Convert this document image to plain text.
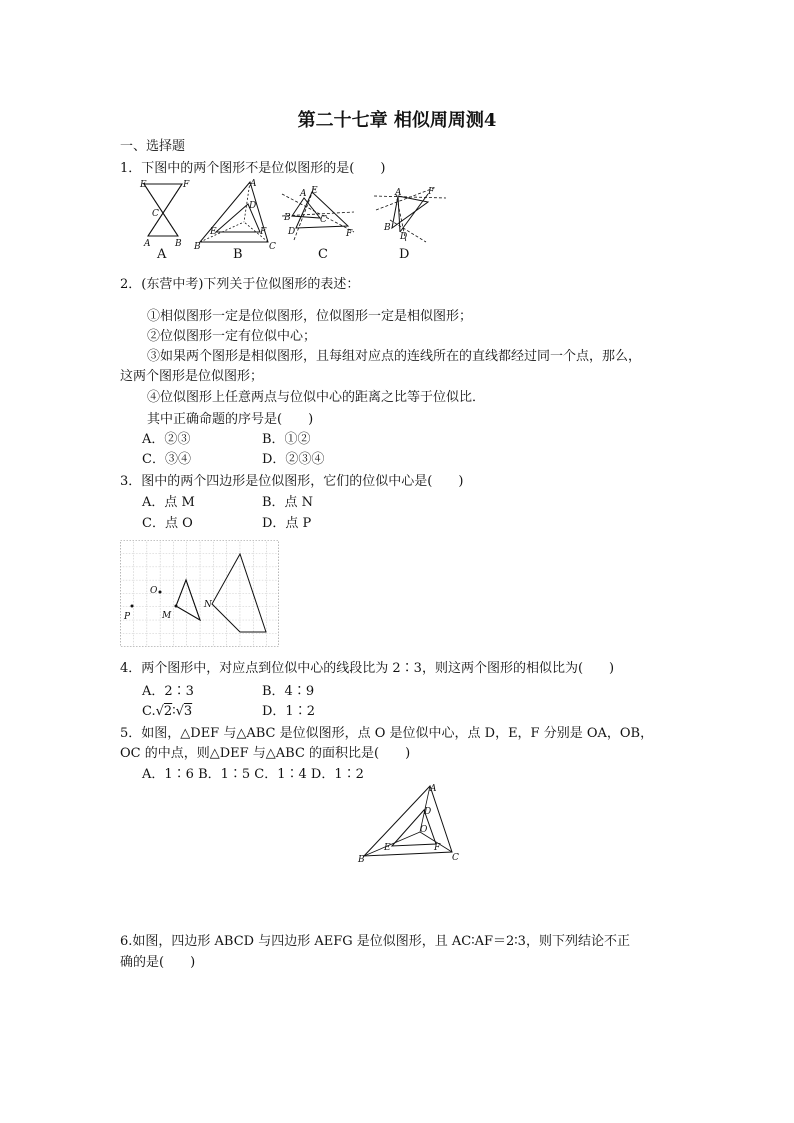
第二十七章 相似周周测4
一、选择题
1．下图中的两个图形不是位似图形的是(　　)
E	F
C
A	B
A
A
D
E	F
B	C
B
A E
B	C
D	F
C
A	F
B
D
D
2．(东营中考)下列关于位似图形的表述：
①相似图形一定是位似图形，位似图形一定是相似图形；
②位似图形一定有位似中心；
③如果两个图形是相似图形，且每组对应点的连线所在的直线都经过同一个点，那么，
这两个图形是位似图形；
④位似图形上任意两点与位似中心的距离之比等于位似比．
其中正确命题的序号是(　　)
A．②③	B．①②
C．③④	D．②③④
3．图中的两个四边形是位似图形，它们的位似中心是(　　)
A．点 M	B．点 N
C．点 O	D．点 P
O
M
N
P
4．两个图形中，对应点到位似中心的线段比为 2∶3，则这两个图形的相似比为(　　)
A．2∶3	B．4∶9
C.√2∶√3	D．1∶2
5．如图，△DEF 与△ABC 是位似图形，点 O 是位似中心，点 D，E，F 分别是 OA，OB，
OC 的中点，则△DEF 与△ABC 的面积比是(　　)
A．1∶6 B．1∶5 C．1∶4 D．1∶2
A
D
O
B
E	F
C
6.如图，四边形 ABCD 与四边形 AEFG 是位似图形，且 AC∶AF＝2∶3，则下列结论不正
确的是(　　)
